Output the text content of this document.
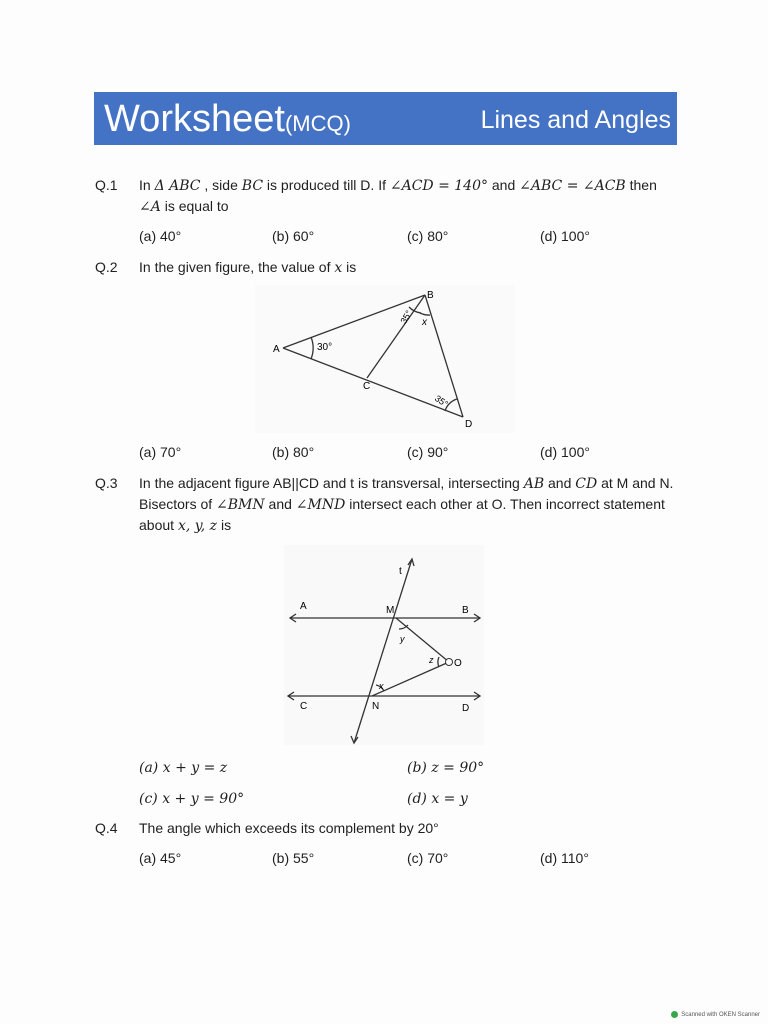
Worksheet(MCQ)	Lines and Angles
Q.1 In Δ ABC , side BC is produced till D. If ∠ACD = 140° and ∠ABC = ∠ACB then ∠A is equal to
(a) 40°	(b) 60°	(c) 80°	(d) 100°
Q.2 In the given figure, the value of x is
A
B
C
D
30°
35° x
35°
(a) 70°	(b) 80°	(c) 90°	(d) 100°
Q.3 In the adjacent figure AB||CD and t is transversal, intersecting AB and CD at M and N. Bisectors of ∠BMN and ∠MND intersect each other at O. Then incorrect statement about x, y, z is
t
A	M	B
y
z O
x
C	N	D
(a) x + y = z	(b) z = 90°
(c) x + y = 90°	(d) x = y
Q.4 The angle which exceeds its complement by 20°
(a) 45°	(b) 55°	(c) 70°	(d) 110°
Scanned with OKEN Scanner
